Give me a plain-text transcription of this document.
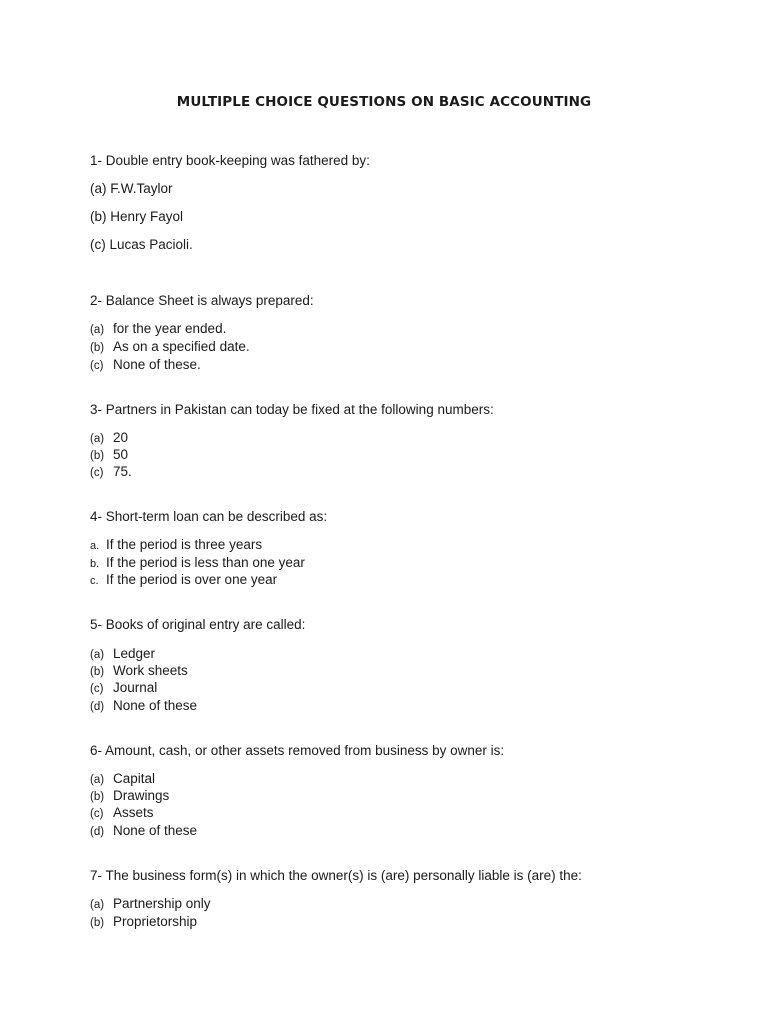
MULTIPLE CHOICE QUESTIONS ON BASIC ACCOUNTING
1- Double entry book-keeping was fathered by:
(a) F.W.Taylor
(b) Henry Fayol
(c) Lucas Pacioli.
2- Balance Sheet is always prepared:
(a) for the year ended.
(b) As on a specified date.
(c) None of these.
3- Partners in Pakistan can today be fixed at the following numbers:
(a) 20
(b) 50
(c) 75.
4- Short-term loan can be described as:
a. If the period is three years
b. If the period is less than one year
c. If the period is over one year
5- Books of original entry are called:
(a) Ledger
(b) Work sheets
(c) Journal
(d) None of these
6- Amount, cash, or other assets removed from business by owner is:
(a) Capital
(b) Drawings
(c) Assets
(d) None of these
7- The business form(s) in which the owner(s) is (are) personally liable is (are) the:
(a) Partnership only
(b) Proprietorship
